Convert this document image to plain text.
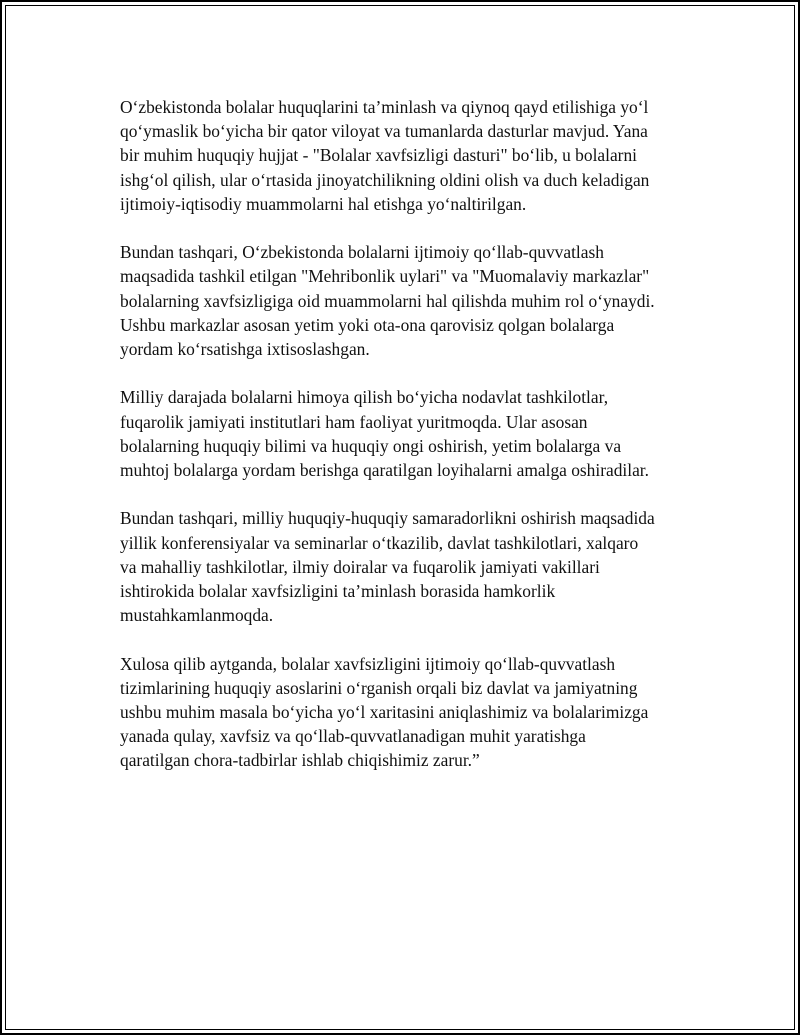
O‘zbekistonda bolalar huquqlarini ta’minlash va qiynoq qayd etilishiga yo‘l
qo‘ymaslik bo‘yicha bir qator viloyat va tumanlarda dasturlar mavjud. Yana
bir muhim huquqiy hujjat - "Bolalar xavfsizligi dasturi" bo‘lib, u bolalarni
ishg‘ol qilish, ular o‘rtasida jinoyatchilikning oldini olish va duch keladigan
ijtimoiy-iqtisodiy muammolarni hal etishga yo‘naltirilgan.

Bundan tashqari, O‘zbekistonda bolalarni ijtimoiy qo‘llab-quvvatlash
maqsadida tashkil etilgan "Mehribonlik uylari" va "Muomalaviy markazlar"
bolalarning xavfsizligiga oid muammolarni hal qilishda muhim rol o‘ynaydi.
Ushbu markazlar asosan yetim yoki ota-ona qarovisiz qolgan bolalarga
yordam ko‘rsatishga ixtisoslashgan.

Milliy darajada bolalarni himoya qilish bo‘yicha nodavlat tashkilotlar,
fuqarolik jamiyati institutlari ham faoliyat yuritmoqda. Ular asosan
bolalarning huquqiy bilimi va huquqiy ongi oshirish, yetim bolalarga va
muhtoj bolalarga yordam berishga qaratilgan loyihalarni amalga oshiradilar.

Bundan tashqari, milliy huquqiy-huquqiy samaradorlikni oshirish maqsadida
yillik konferensiyalar va seminarlar o‘tkazilib, davlat tashkilotlari, xalqaro
va mahalliy tashkilotlar, ilmiy doiralar va fuqarolik jamiyati vakillari
ishtirokida bolalar xavfsizligini ta’minlash borasida hamkorlik
mustahkamlanmoqda.

Xulosa qilib aytganda, bolalar xavfsizligini ijtimoiy qo‘llab-quvvatlash
tizimlarining huquqiy asoslarini o‘rganish orqali biz davlat va jamiyatning
ushbu muhim masala bo‘yicha yo‘l xaritasini aniqlashimiz va bolalarimizga
yanada qulay, xavfsiz va qo‘llab-quvvatlanadigan muhit yaratishga
qaratilgan chora-tadbirlar ishlab chiqishimiz zarur.”
